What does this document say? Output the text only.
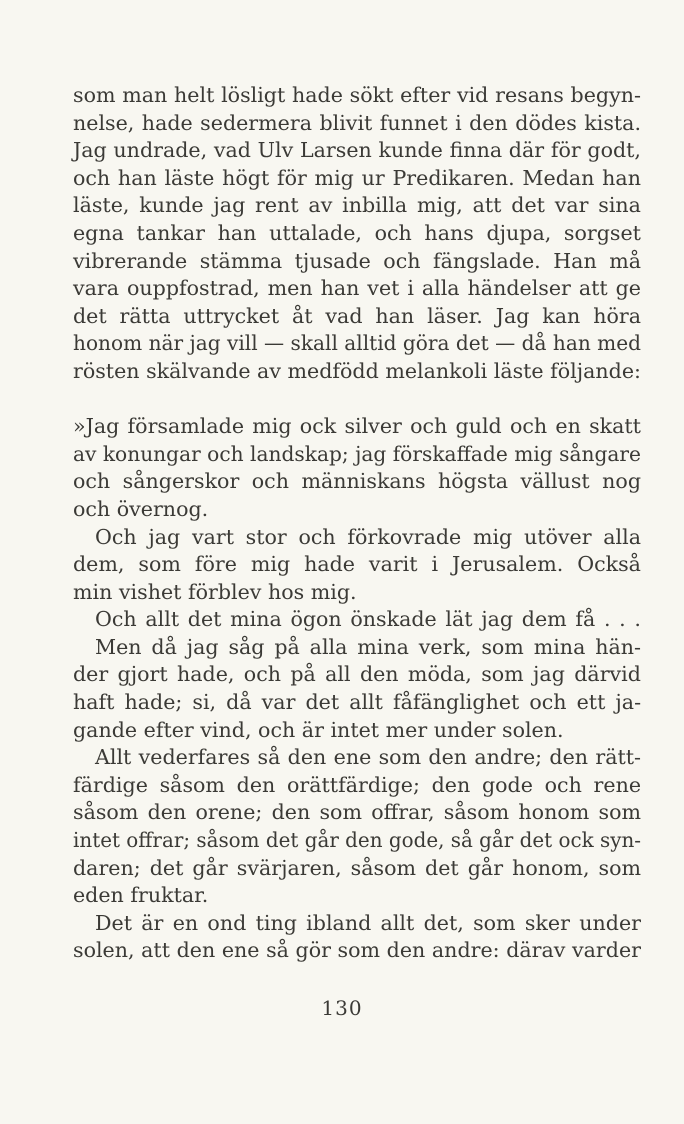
som man helt lösligt hade sökt efter vid resans begyn-
nelse, hade sedermera blivit funnet i den dödes kista.
Jag undrade, vad Ulv Larsen kunde finna där för godt,
och han läste högt för mig ur Predikaren. Medan han
läste, kunde jag rent av inbilla mig, att det var sina
egna tankar han uttalade, och hans djupa, sorgset
vibrerande stämma tjusade och fängslade. Han må
vara ouppfostrad, men han vet i alla händelser att ge
det rätta uttrycket åt vad han läser. Jag kan höra
honom när jag vill — skall alltid göra det — då han med
rösten skälvande av medfödd melankoli läste följande:
»Jag församlade mig ock silver och guld och en skatt
av konungar och landskap; jag förskaffade mig sångare
och sångerskor och människans högsta vällust nog
och övernog.
Och jag vart stor och förkovrade mig utöver alla
dem, som före mig hade varit i Jerusalem. Också
min vishet förblev hos mig.
Och allt det mina ögon önskade lät jag dem få . . .
Men då jag såg på alla mina verk, som mina hän-
der gjort hade, och på all den möda, som jag därvid
haft hade; si, då var det allt fåfänglighet och ett ja-
gande efter vind, och är intet mer under solen.
Allt vederfares så den ene som den andre; den rätt-
färdige såsom den orättfärdige; den gode och rene
såsom den orene; den som offrar, såsom honom som
intet offrar; såsom det går den gode, så går det ock syn-
daren; det går svärjaren, såsom det går honom, som
eden fruktar.
Det är en ond ting ibland allt det, som sker under
solen, att den ene så gör som den andre: därav varder
130
